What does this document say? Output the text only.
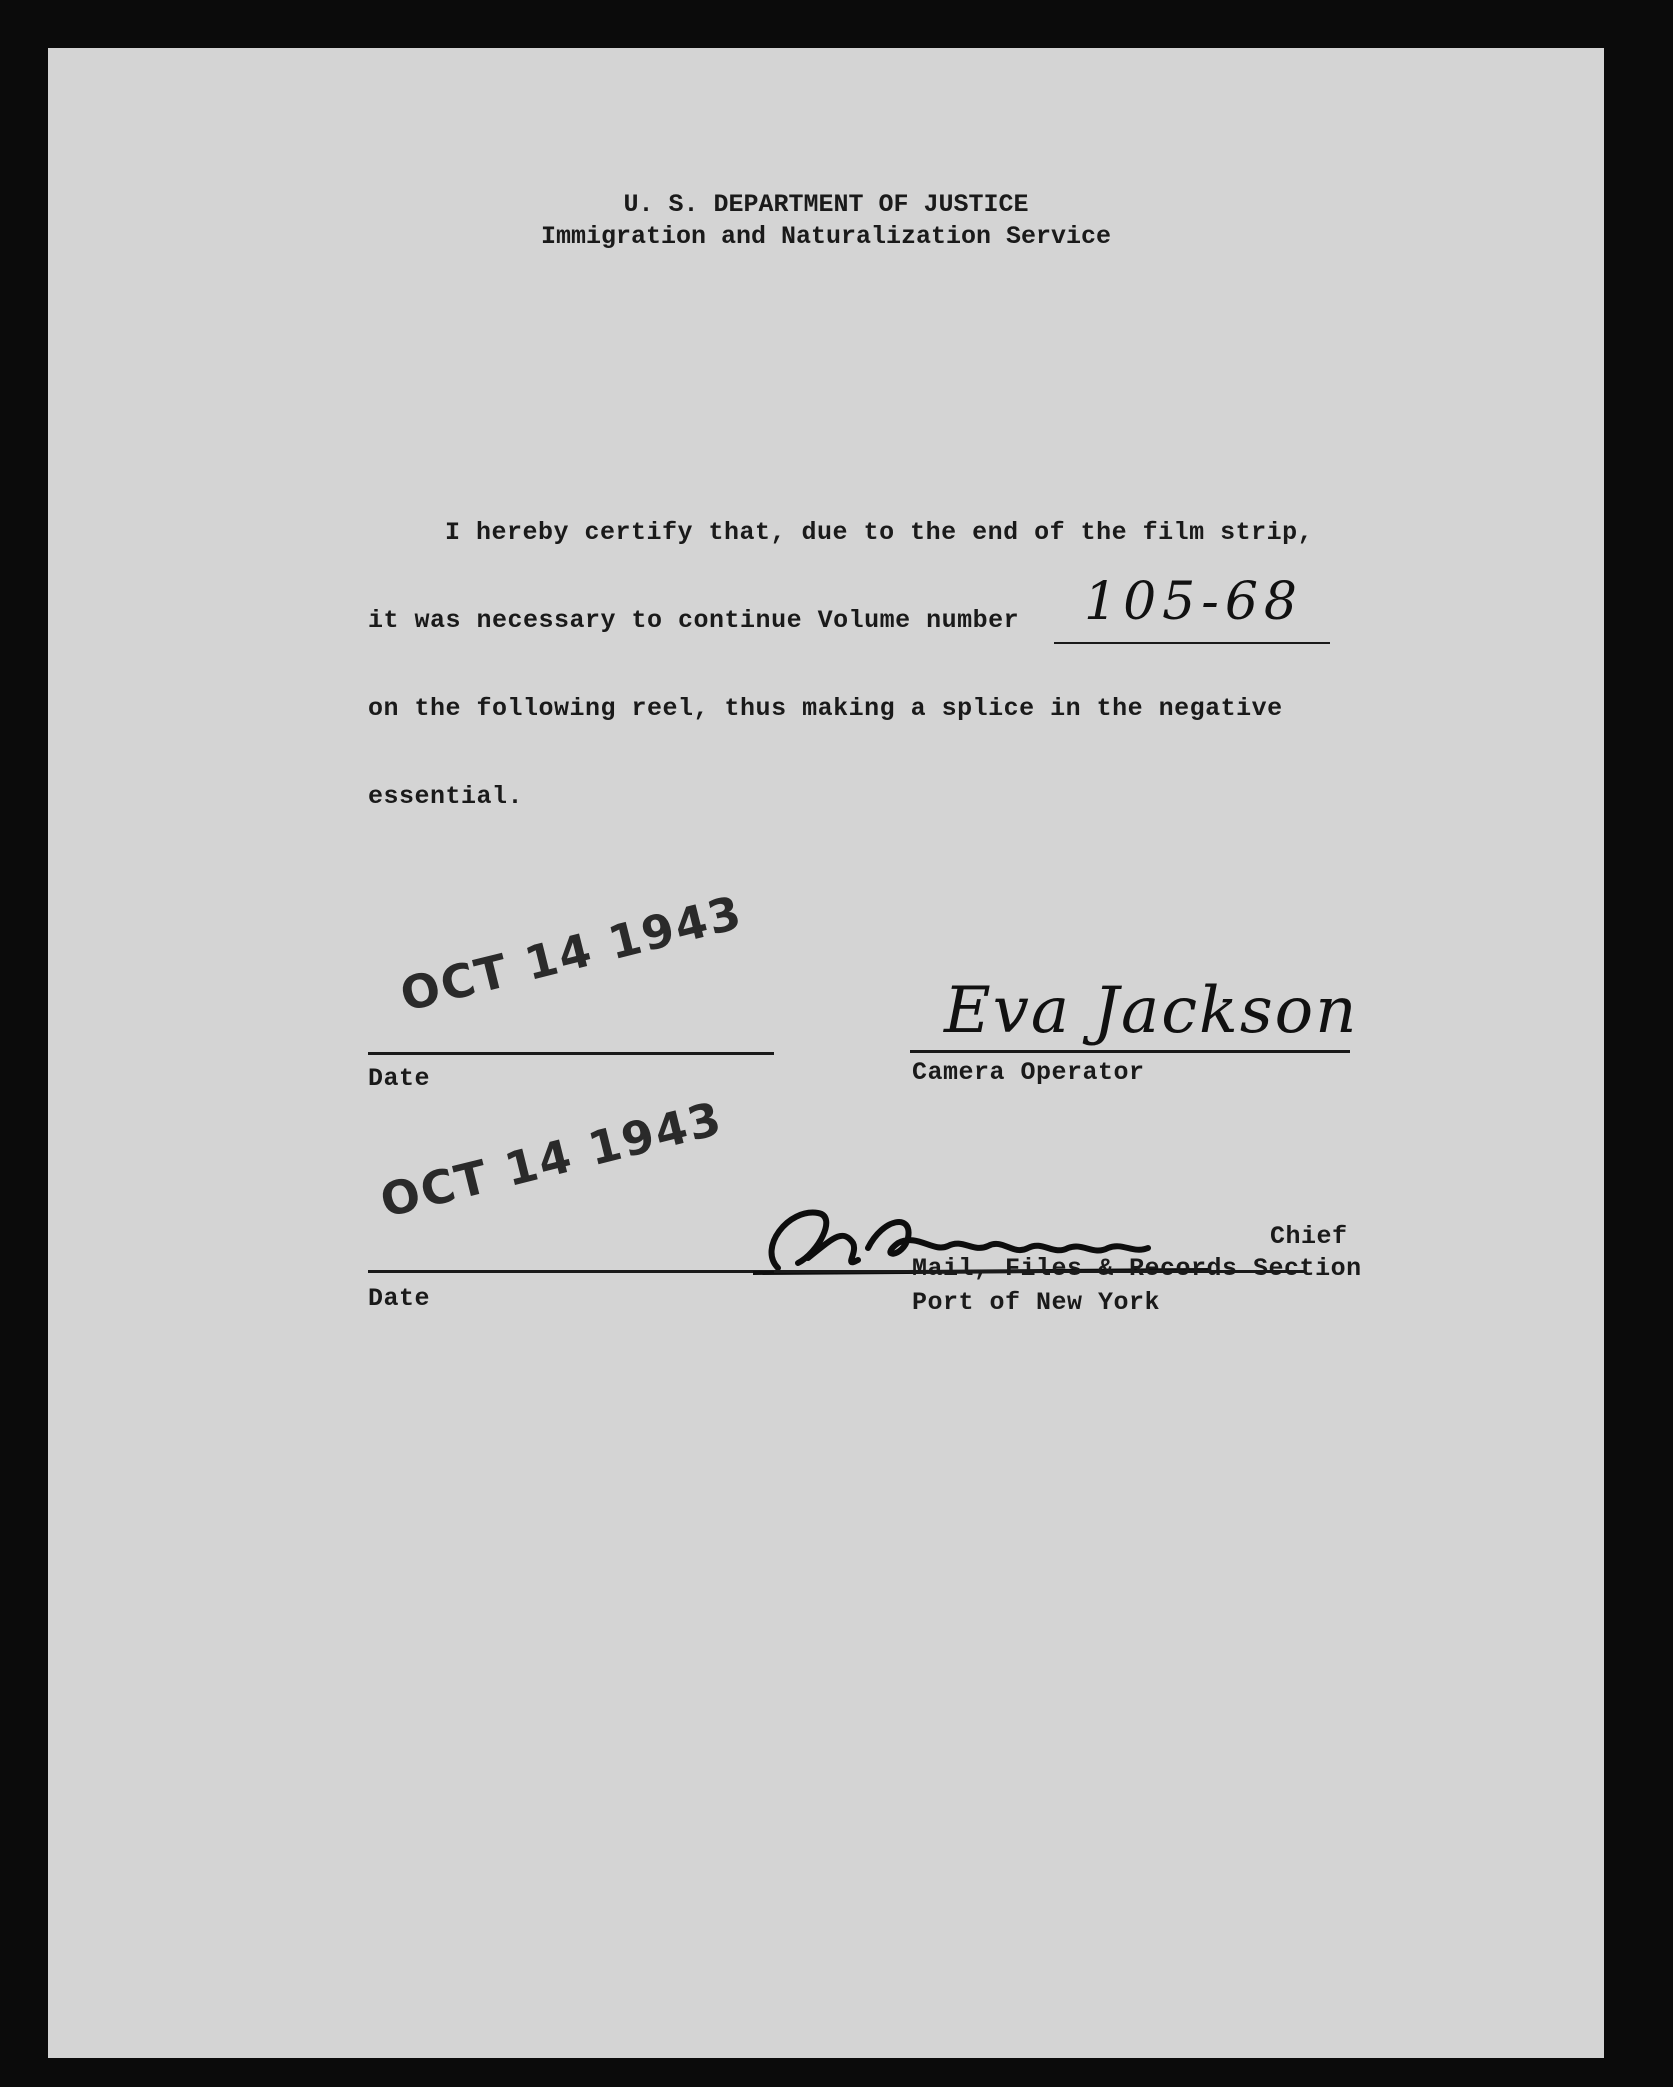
U. S. DEPARTMENT OF JUSTICE
Immigration and Naturalization Service
I hereby certify that, due to the end of the film strip,
it was necessary to continue Volume number 105-68
on the following reel, thus making a splice in the negative
essential.
OCT 14 1943
Date
Eva Jackson
Camera Operator
OCT 14 1943
Date
Chief
Mail, Files & Records Section
Port of New York
